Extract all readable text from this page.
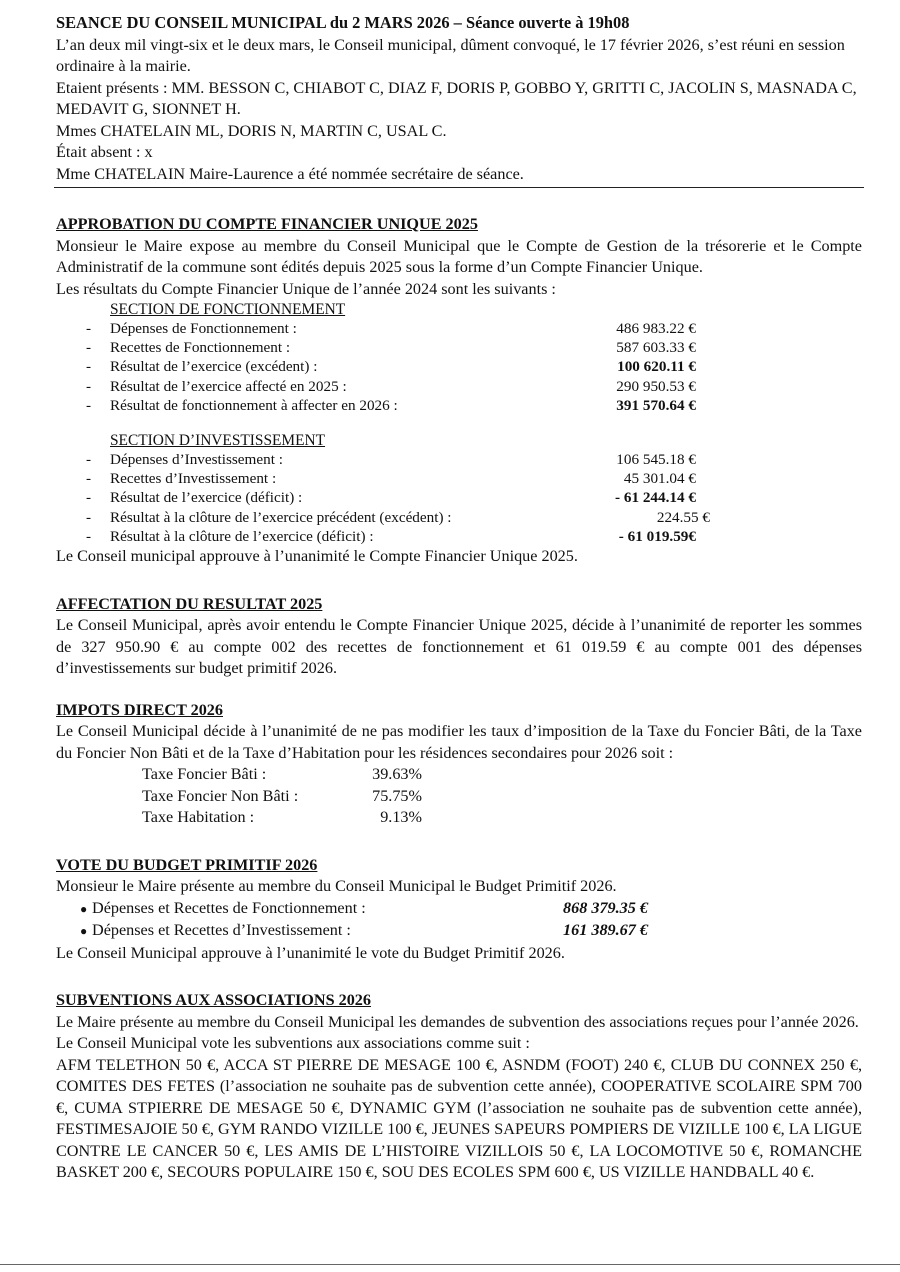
SEANCE DU CONSEIL MUNICIPAL du 2 MARS 2026 – Séance ouverte à 19h08

L’an deux mil vingt-six et le deux mars, le Conseil municipal, dûment convoqué, le 17 février 2026, s’est réuni en session ordinaire à la mairie.

Etaient présents : MM. BESSON C, CHIABOT C, DIAZ F, DORIS P, GOBBO Y, GRITTI C, JACOLIN S, MASNADA C, MEDAVIT G, SIONNET H.

Mmes CHATELAIN ML, DORIS N, MARTIN C, USAL C.

Était absent : x

Mme CHATELAIN Maire-Laurence a été nommée secrétaire de séance.

APPROBATION DU COMPTE FINANCIER UNIQUE 2025

Monsieur le Maire expose au membre du Conseil Municipal que le Compte de Gestion de la trésorerie et le Compte Administratif de la commune sont édités depuis 2025 sous la forme d’un Compte Financier Unique.

Les résultats du Compte Financier Unique de l’année 2024 sont les suivants :

SECTION DE FONCTIONNEMENT
-	Dépenses de Fonctionnement :	486 983.22 €
-	Recettes de Fonctionnement :	587 603.33 €
-	Résultat de l’exercice (excédent) :	100 620.11 €
-	Résultat de l’exercice affecté en 2025 :	290 950.53 €
-	Résultat de fonctionnement à affecter en 2026 :	391 570.64 €
SECTION D’INVESTISSEMENT
-	Dépenses d’Investissement :	106 545.18 €
-	Recettes d’Investissement :	45 301.04 €
-	Résultat de l’exercice (déficit) :	- 61 244.14 €
-	Résultat à la clôture de l’exercice précédent (excédent) :	224.55 €
-	Résultat à la clôture de l’exercice (déficit) :	- 61 019.59€

Le Conseil municipal approuve à l’unanimité le Compte Financier Unique 2025.

AFFECTATION DU RESULTAT 2025

Le Conseil Municipal, après avoir entendu le Compte Financier Unique 2025, décide à l’unanimité de reporter les sommes de 327 950.90 € au compte 002 des recettes de fonctionnement et 61 019.59 € au compte 001 des dépenses d’investissements sur budget primitif 2026.

IMPOTS DIRECT 2026

Le Conseil Municipal décide à l’unanimité de ne pas modifier les taux d’imposition de la Taxe du Foncier Bâti, de la Taxe du Foncier Non Bâti et de la Taxe d’Habitation pour les résidences secondaires pour 2026 soit :

Taxe Foncier Bâti :	39.63%
Taxe Foncier Non Bâti :	75.75%
Taxe Habitation :	9.13%
VOTE DU BUDGET PRIMITIF 2026

Monsieur le Maire présente au membre du Conseil Municipal le Budget Primitif 2026.

● Dépenses et Recettes de Fonctionnement :	868 379.35 €
● Dépenses et Recettes d’Investissement :	161 389.67 €

Le Conseil Municipal approuve à l’unanimité le vote du Budget Primitif 2026.

SUBVENTIONS AUX ASSOCIATIONS 2026

Le Maire présente au membre du Conseil Municipal les demandes de subvention des associations reçues pour l’année 2026.

Le Conseil Municipal vote les subventions aux associations comme suit :

AFM TELETHON 50 €, ACCA ST PIERRE DE MESAGE 100 €, ASNDM (FOOT) 240 €, CLUB DU CONNEX 250 €, COMITES DES FETES (l’association ne souhaite pas de subvention cette année), COOPERATIVE SCOLAIRE SPM 700 €, CUMA STPIERRE DE MESAGE 50 €, DYNAMIC GYM (l’association ne souhaite pas de subvention cette année), FESTIMESAJOIE 50 €, GYM RANDO VIZILLE 100 €, JEUNES SAPEURS POMPIERS DE VIZILLE 100 €, LA LIGUE CONTRE LE CANCER 50 €, LES AMIS DE L’HISTOIRE VIZILLOIS 50 €, LA LOCOMOTIVE 50 €, ROMANCHE BASKET 200 €, SECOURS POPULAIRE 150 €, SOU DES ECOLES SPM 600 €, US VIZILLE HANDBALL 40 €.
